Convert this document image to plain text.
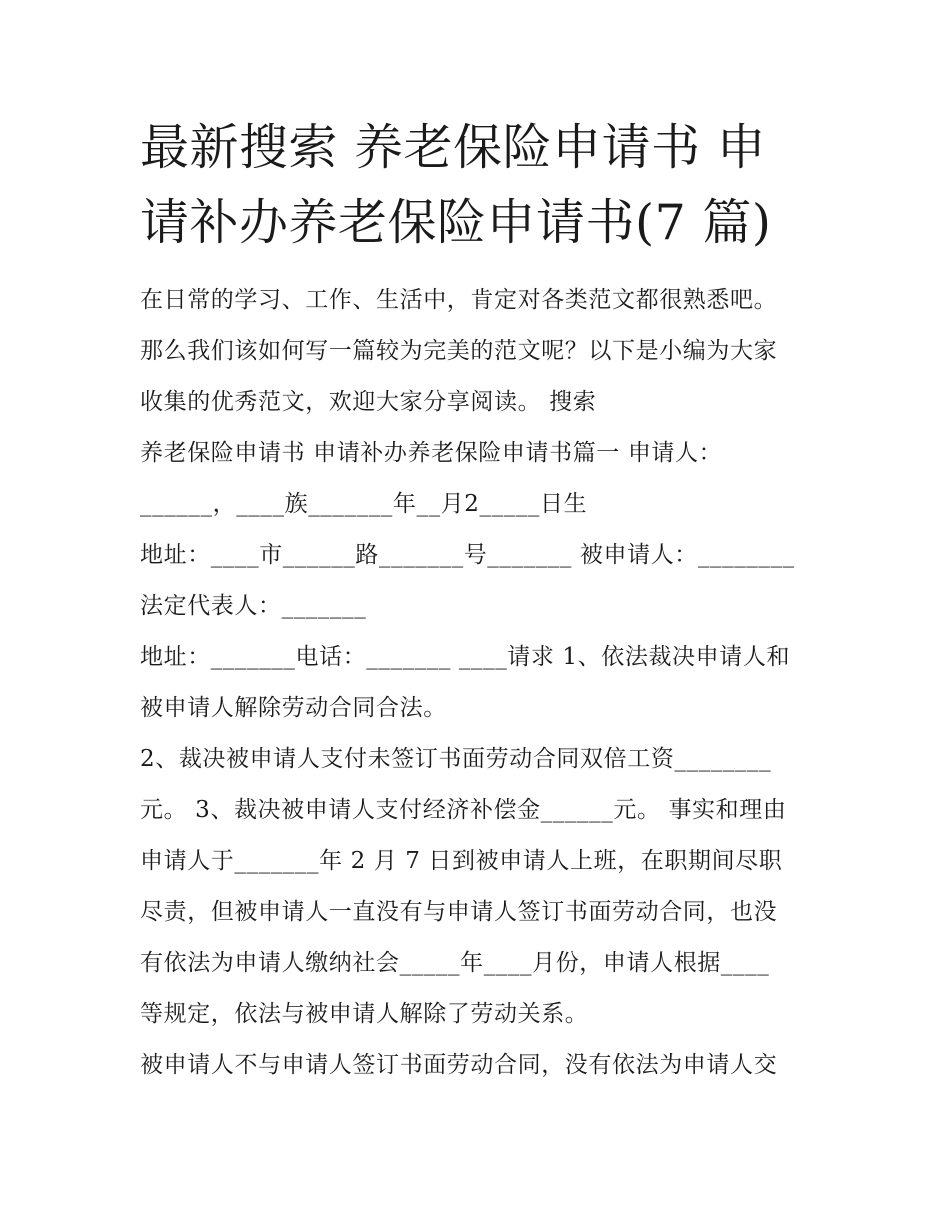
最新搜索 养老保险申请书 申
请补办养老保险申请书(7 篇)
在日常的学习、工作、生活中，肯定对各类范文都很熟悉吧。
那么我们该如何写一篇较为完美的范文呢？以下是小编为大家
收集的优秀范文，欢迎大家分享阅读。 搜索
养老保险申请书 申请补办养老保险申请书篇一 申请人：
______，____族_______年__月2_____日生
地址：____市______路_______号_______ 被申请人：________
法定代表人：_______
地址：_______电话：_______ ____请求 1、依法裁决申请人和
被申请人解除劳动合同合法。
2、裁决被申请人支付未签订书面劳动合同双倍工资________
元。 3、裁决被申请人支付经济补偿金______元。 事实和理由
申请人于_______年 2 月 7 日到被申请人上班，在职期间尽职
尽责，但被申请人一直没有与申请人签订书面劳动合同，也没
有依法为申请人缴纳社会_____年____月份，申请人根据____
等规定，依法与被申请人解除了劳动关系。
被申请人不与申请人签订书面劳动合同，没有依法为申请人交
